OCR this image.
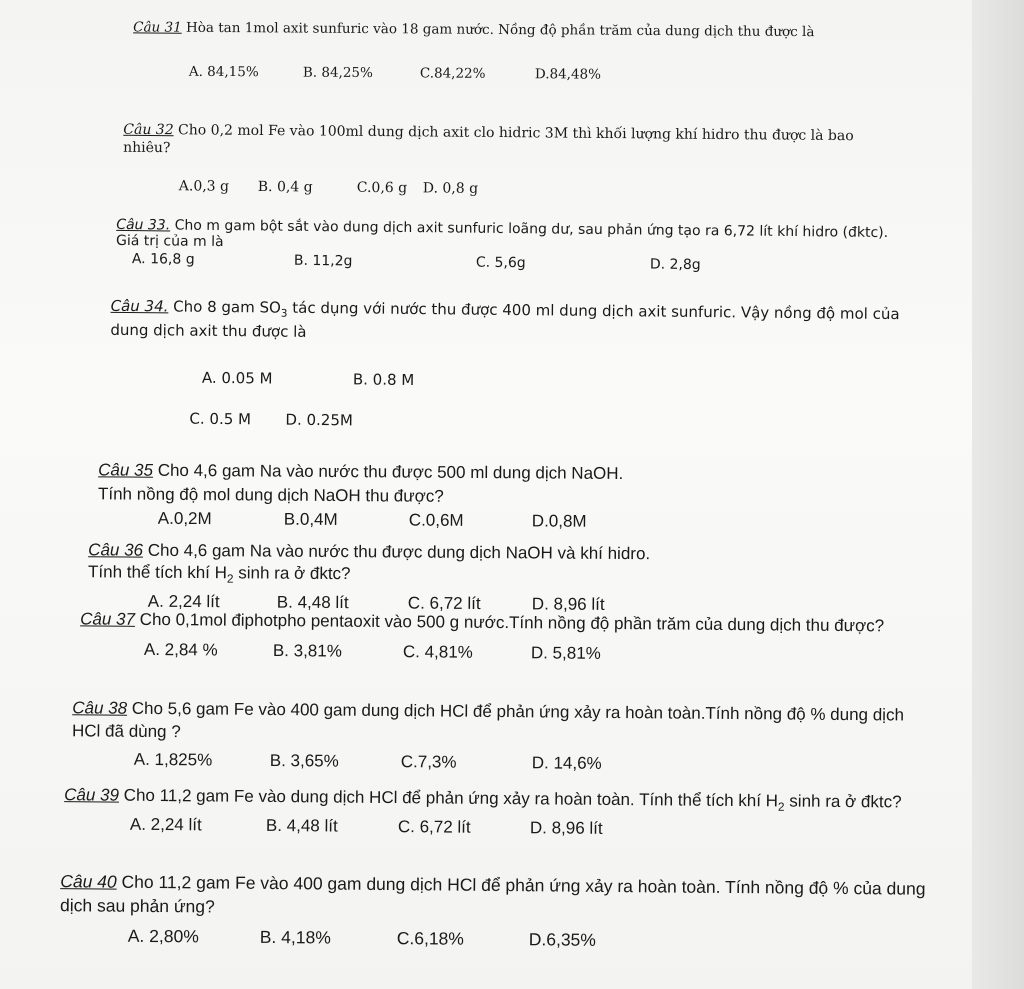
Câu 31 Hòa tan 1mol axit sunfuric vào 18 gam nước. Nồng độ phần trăm của dung dịch thu được là
A. 84,15%	B. 84,25%	C.84,22%	D.84,48%
Câu 32 Cho 0,2 mol Fe vào 100ml dung dịch axit clo hidric 3M thì khối lượng khí hidro thu được là bao nhiêu?
A.0,3 g B. 0,4 g	C.0,6 g D. 0,8 g
Câu 33. Cho m gam bột sắt vào dung dịch axit sunfuric loãng dư, sau phản ứng tạo ra 6,72 lít khí hidro (đktc). Giá trị của m là
A. 16,8 g	B. 11,2g	C. 5,6g	D. 2,8g
Câu 34. Cho 8 gam $SO_3$ tác dụng với nước thu được 400 ml dung dịch axit sunfuric. Vậy nồng độ mol của dung dịch axit thu được là
A. 0.05 M	B. 0.8 M
C. 0.5 M D. 0.25M
Câu 35 Cho 4,6 gam Na vào nước thu được 500 ml dung dịch NaOH.
Tính nồng độ mol dung dịch NaOH thu được?
A.0,2M	B.0,4M	C.0,6M	D.0,8M
Câu 36 Cho 4,6 gam Na vào nước thu được dung dịch NaOH và khí hidro.
Tính thể tích khí $H_2$ sinh ra ở đktc?
A. 2,24 lít	B. 4,48 lít	C. 6,72 lít	D. 8,96 lít
Câu 37 Cho 0,1mol điphotpho pentaoxit vào 500 g nước.Tính nồng độ phần trăm của dung dịch thu được?
A. 2,84 %	B. 3,81%	C. 4,81%	D. 5,81%
Câu 38 Cho 5,6 gam Fe vào 400 gam dung dịch HCl để phản ứng xảy ra hoàn toàn.Tính nồng độ % dung dịch HCl đã dùng ?
A. 1,825%	B. 3,65%	C.7,3%	D. 14,6%
Câu 39 Cho 11,2 gam Fe vào dung dịch HCl để phản ứng xảy ra hoàn toàn. Tính thể tích khí $H_2$ sinh ra ở đktc?
A. 2,24 lít	B. 4,48 lít	C. 6,72 lít	D. 8,96 lít
Câu 40 Cho 11,2 gam Fe vào 400 gam dung dịch HCl để phản ứng xảy ra hoàn toàn. Tính nồng độ % của dung dịch sau phản ứng?
A. 2,80%	B. 4,18%	C.6,18%	D.6,35%
